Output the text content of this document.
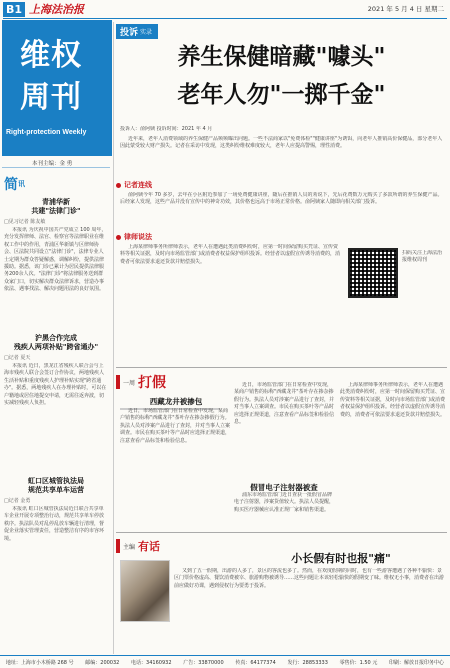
B1 上海法治报	2021 年 5 月 4 日 星期二
维权
周刊
Right-protection Weekly
本刊主编：金 勇
简 讯
青浦华新
共建"法律门诊"
□见习记者 陈友敏

本报讯 为庆祝中国共产党成立 100 周年，充分发挥律师、法官、检察官等法律职业在维权工作中的作用，青浦区华新镇与区律师协会、区法院共同设立"法律门诊"，法律专业人士定期为群众答疑解惑，调解纠纷，提供法律援助。据悉，该门诊已累计为居民提供法律服务200余人次。"法律门诊"将法律服务送到群众家门口，切实解决群众法律诉求，营造办事依法、遇事找法、解决问题用法的良好氛围。

沪黑合作完成
残疾人两项补贴"跨省通办"
□记者 夏天

本报讯 近日，黑龙江省残疾人联合会与上海市残疾人联合会签订合作协议，两地残疾人生活补贴和重度残疾人护理补贴实现"跨省通办"。据悉，两地残疾人在办理补贴时，可以在户籍地或居住地提交申请，无需往返奔波，切实减轻残疾人负担。

虹口区城管执法局
规范共享单车运营
□记者 金勇

本报讯 虹口区城管执法局近日联合共享单车企业开展专项整治行动，规范共享单车停放秩序。执法队员对乱停乱放车辆进行清理，督促企业落实管理责任，营造整洁有序的市容环境。

投诉 实录
养生保健暗藏"噱头"
老年人勿"一掷千金"
投诉人：俞阿姨 投诉时间：2021 年 4 月
近年来，老年人消费领域的养生保健产品频频曝出问题。一些不法商家以"免费体检""健康讲座"为诱饵，向老年人推销高价保健品，部分老年人因此蒙受较大财产损失。记者在采访中发现，这类纠纷维权难度较大，老年人应提高警惕，理性消费。
记者连线
俞阿姨今年 70 多岁，去年在小区附近参加了一场免费健康讲座，随后在推销人员的劝说下，先后花费数万元购买了多款所谓的养生保健产品。后经家人发现，这些产品并没有宣传中的神奇功效，其价格也远高于市场正常价格。俞阿姨家人随即向相关部门投诉。
律师说法
上海某律师事务所律师表示，老年人在遭遇此类消费纠纷时，应第一时间保留购买凭证、宣传资料等相关证据，及时向市场监管部门或消费者权益保护组织投诉。经营者以虚假宣传诱导消费的，消费者可依法要求退还货款并赔偿损失。
扫码关注上海法治报维权周刊
一周 打假
西藏龙井被掺包
近日，市场监管部门在日常检查中发现，某商户销售的标称"西藏龙井"茶叶存在掺杂掺假行为。执法人员对涉案产品进行了查封，并对当事人立案调查。市民在购买茶叶等产品时应选择正规渠道，注意查看产品标签和检验信息。
近日，市场监管部门在日常检查中发现，某商户销售的标称"西藏龙井"茶叶存在掺杂掺假行为。执法人员对涉案产品进行了查封，并对当事人立案调查。市民在购买茶叶等产品时应选择正规渠道，注意查看产品标签和检验信息。
假冒电子注射器被查
浦东市场监管部门近日查获一批假冒品牌电子注射器，涉案货值较大。执法人员提醒，购买医疗器械应认准正规厂家和销售渠道。
上海某律师事务所律师表示，老年人在遭遇此类消费纠纷时，应第一时间保留购买凭证、宣传资料等相关证据，及时向市场监管部门或消费者权益保护组织投诉。经营者以虚假宣传诱导消费的，消费者可依法要求退还货款并赔偿损失。
主编 有话
小长假有时也报"痛"
又到了五一假期，出游的人多了，景区的客流也多了。然而，在欢度假期的同时，也有一些游客遭遇了各种不愉快：景区门票价格虚高、餐饮消费被宰、旅游购物被诱导……这些问题让本该轻松愉快的假期变了味。维权无小事，消费者在出游前应做好功课，遇到侵权行为要勇于投诉。
地址：上海市小木桥路 268 号 邮编：200032 电话：34160932 广告：33870000 传真：64177374 发行：28853333 零售价：1.50 元 印刷：解放日报印务中心
